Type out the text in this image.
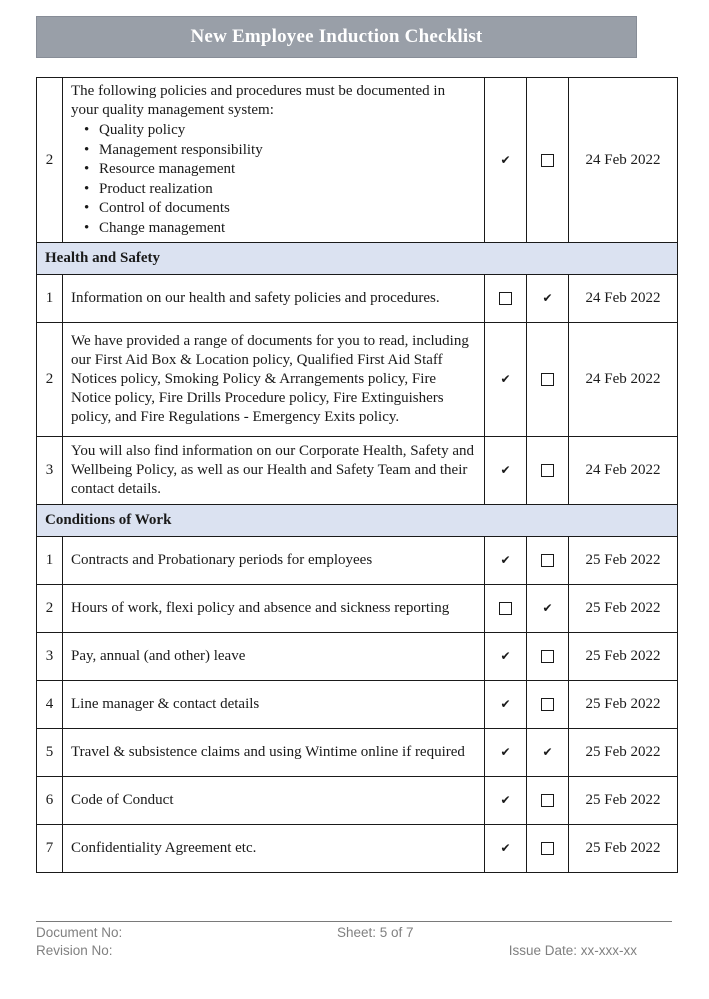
New Employee Induction Checklist
2	The following policies and procedures must be documented in your quality management system:
• Quality policy
• Management responsibility
• Resource management
• Product realization
• Control of documents
• Change management
	✔		24 Feb 2022
Health and Safety				
1	Information on our health and safety policies and procedures.		✔	24 Feb 2022
2	We have provided a range of documents for you to read, including our First Aid Box & Location policy, Qualified First Aid Staff Notices policy, Smoking Policy & Arrangements policy, Fire Notice policy, Fire Drills Procedure policy, Fire Extinguishers policy, and Fire Regulations - Emergency Exits policy.	✔		24 Feb 2022
3	You will also find information on our Corporate Health, Safety and Wellbeing Policy, as well as our Health and Safety Team and their contact details.	✔		24 Feb 2022
Conditions of Work				
1	Contracts and Probationary periods for employees	✔		25 Feb 2022
2	Hours of work, flexi policy and absence and sickness reporting		✔	25 Feb 2022
3	Pay, annual (and other) leave	✔		25 Feb 2022
4	Line manager & contact details	✔		25 Feb 2022
5	Travel & subsistence claims and using Wintime online if required	✔	✔	25 Feb 2022
6	Code of Conduct	✔		25 Feb 2022
7	Confidentiality Agreement etc.	✔		25 Feb 2022
Document No:	Sheet: 5 of 7
Revision No:	Issue Date: xx-xxx-xx
